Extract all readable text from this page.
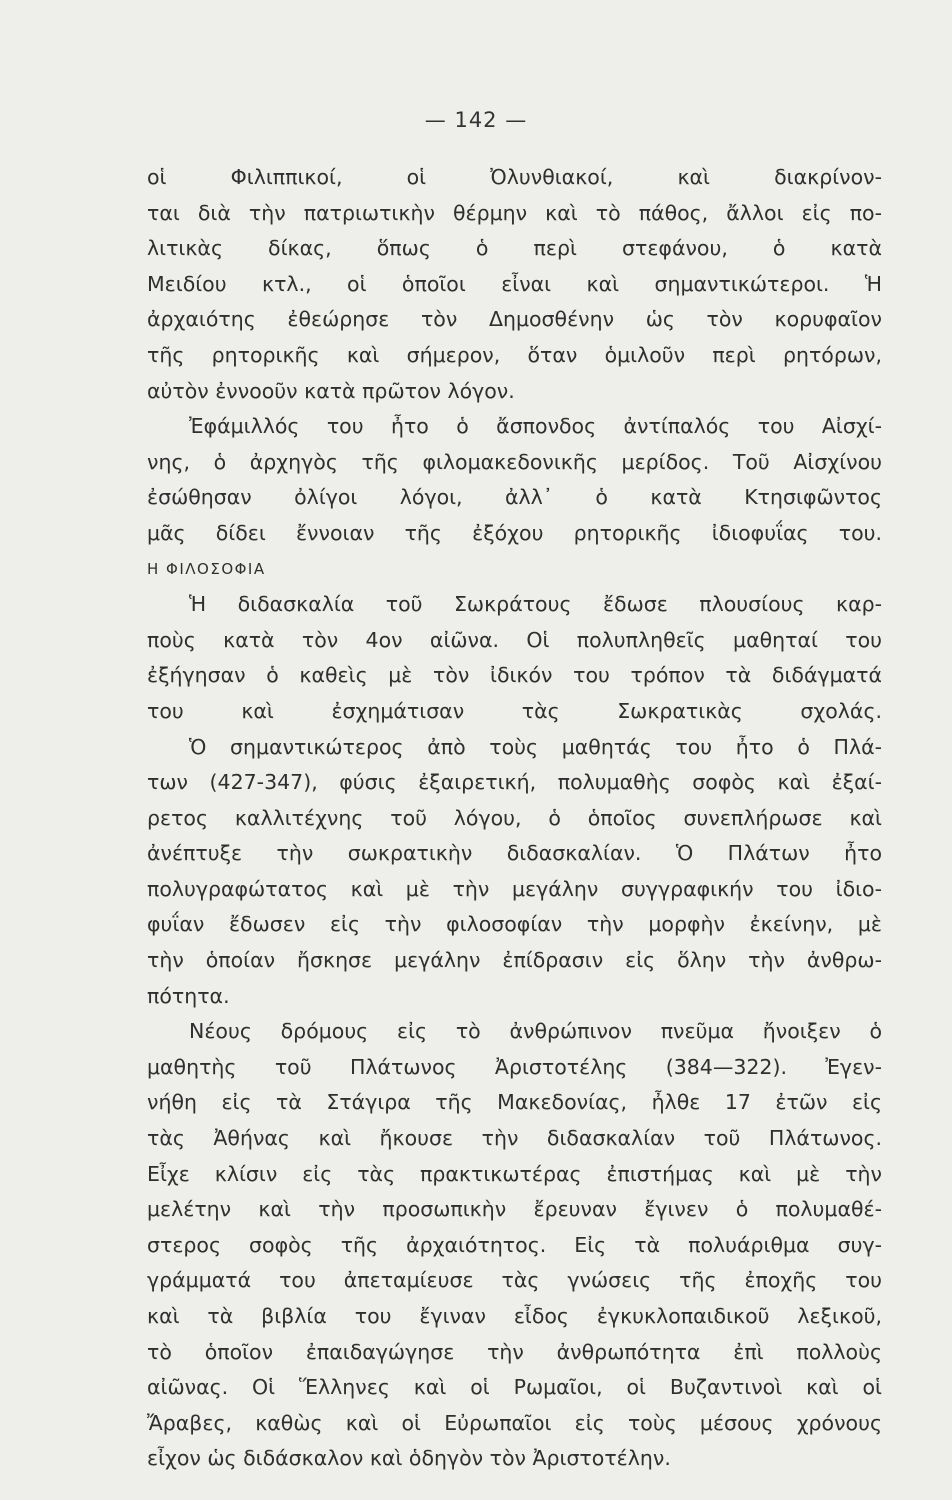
— 142 —
οἱ Φιλιππικοί, οἱ Ὀλυνθιακοί, καὶ διακρίνον-
ται διὰ τὴν πατριωτικὴν θέρμην καὶ τὸ πάθος, ἄλλοι εἰς πο-
λιτικὰς δίκας, ὅπως ὁ περὶ στεφάνου, ὁ κατὰ
Μειδίου κτλ., οἱ ὁποῖοι εἶναι καὶ σημαντικώτεροι. Ἡ
ἀρχαιότης ἐθεώρησε τὸν Δημοσθένην ὡς τὸν κορυφαῖον
τῆς ρητορικῆς καὶ σήμερον, ὅταν ὁμιλοῦν περὶ ρητόρων,
αὐτὸν ἐννοοῦν κατὰ πρῶτον λόγον.
Ἐφάμιλλός του ἦτο ὁ ἄσπονδος ἀντίπαλός του Αἰσχί-
νης, ὁ ἀρχηγὸς τῆς φιλομακεδονικῆς μερίδος. Τοῦ Αἰσχίνου
ἐσώθησαν ὀλίγοι λόγοι, ἀλλ᾽ ὁ κατὰ Κτησιφῶντος
μᾶς δίδει ἔννοιαν τῆς ἐξόχου ρητορικῆς ἰδιοφυΐας του.
Η ΦΙΛΟΣΟΦΙΑ
Ἡ διδασκαλία τοῦ Σωκράτους ἔδωσε πλουσίους καρ-
ποὺς κατὰ τὸν 4ον αἰῶνα. Οἱ πολυπληθεῖς μαθηταί του
ἐξήγησαν ὁ καθεὶς μὲ τὸν ἰδικόν του τρόπον τὰ διδάγματά
του καὶ ἐσχημάτισαν τὰς Σωκρατικὰς σχολάς.
Ὁ σημαντικώτερος ἀπὸ τοὺς μαθητάς του ἦτο ὁ Πλά-
των (427-347), φύσις ἐξαιρετική, πολυμαθὴς σοφὸς καὶ ἐξαί-
ρετος καλλιτέχνης τοῦ λόγου, ὁ ὁποῖος συνεπλήρωσε καὶ
ἀνέπτυξε τὴν σωκρατικὴν διδασκαλίαν. Ὁ Πλάτων ἦτο
πολυγραφώτατος καὶ μὲ τὴν μεγάλην συγγραφικήν του ἰδιο-
φυΐαν ἔδωσεν εἰς τὴν φιλοσοφίαν τὴν μορφὴν ἐκείνην, μὲ
τὴν ὁποίαν ἤσκησε μεγάλην ἐπίδρασιν εἰς ὅλην τὴν ἀνθρω-
πότητα.
Νέους δρόμους εἰς τὸ ἀνθρώπινον πνεῦμα ἤνοιξεν ὁ
μαθητὴς τοῦ Πλάτωνος Ἀριστοτέλης (384—322). Ἐγεν-
νήθη εἰς τὰ Στάγιρα τῆς Μακεδονίας, ἦλθε 17 ἐτῶν εἰς
τὰς Ἀθήνας καὶ ἤκουσε τὴν διδασκαλίαν τοῦ Πλάτωνος.
Εἶχε κλίσιν εἰς τὰς πρακτικωτέρας ἐπιστήμας καὶ μὲ τὴν
μελέτην καὶ τὴν προσωπικὴν ἔρευναν ἔγινεν ὁ πολυμαθέ-
στερος σοφὸς τῆς ἀρχαιότητος. Εἰς τὰ πολυάριθμα συγ-
γράμματά του ἀπεταμίευσε τὰς γνώσεις τῆς ἐποχῆς του
καὶ τὰ βιβλία του ἔγιναν εἶδος ἐγκυκλοπαιδικοῦ λεξικοῦ,
τὸ ὁποῖον ἐπαιδαγώγησε τὴν ἀνθρωπότητα ἐπὶ πολλοὺς
αἰῶνας. Οἱ Ἕλληνες καὶ οἱ Ρωμαῖοι, οἱ Βυζαντινοὶ καὶ οἱ
Ἄραβες, καθὼς καὶ οἱ Εὐρωπαῖοι εἰς τοὺς μέσους χρόνους
εἶχον ὡς διδάσκαλον καὶ ὁδηγὸν τὸν Ἀριστοτέλην.
